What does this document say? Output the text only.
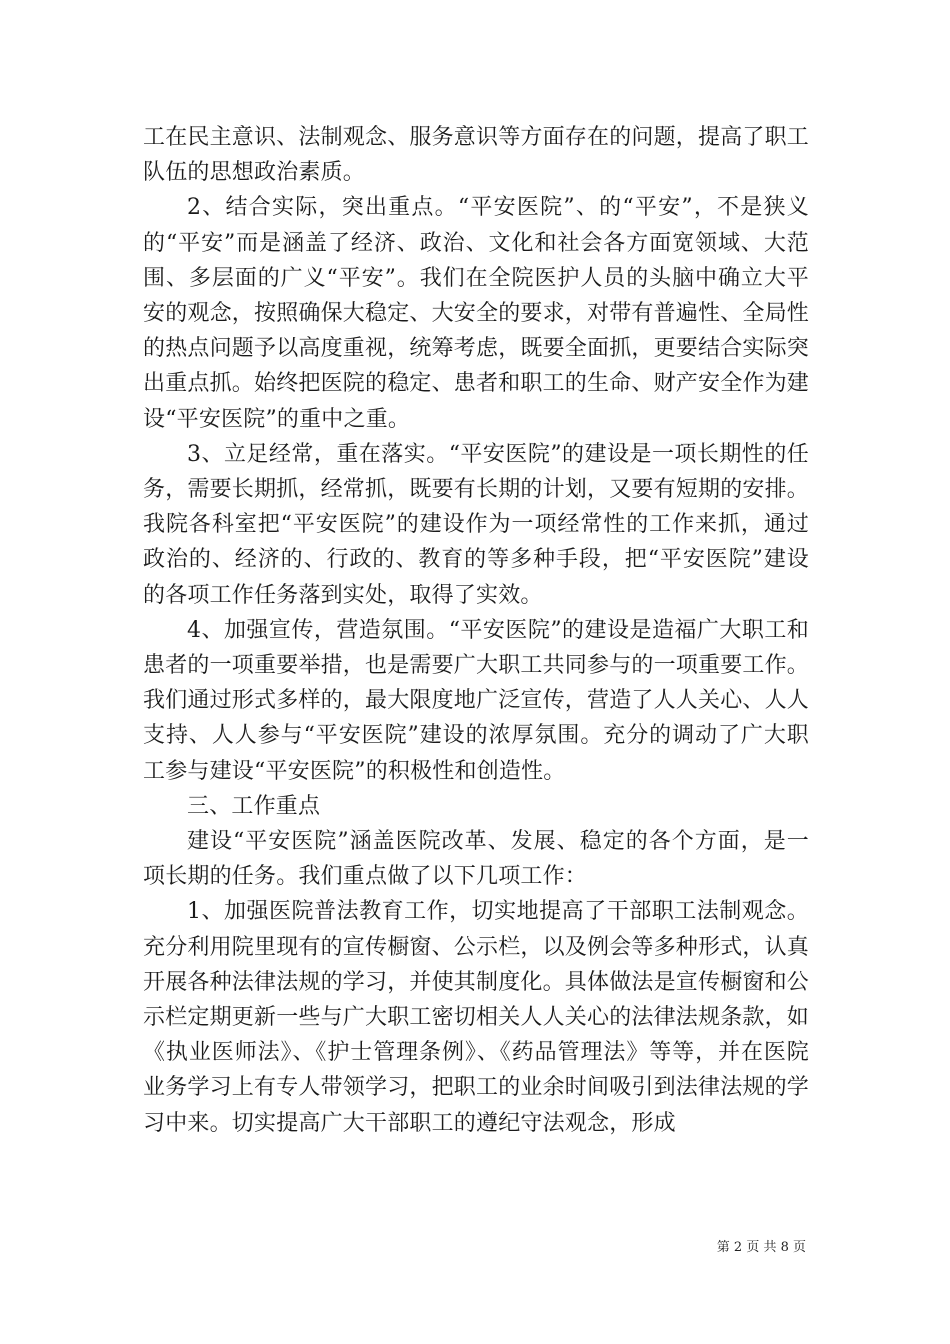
工在民主意识、法制观念、服务意识等方面存在的问题，提高了职工队伍的思想政治素质。

2、结合实际，突出重点。“平安医院”、的“平安”，不是狭义的“平安”而是涵盖了经济、政治、文化和社会各方面宽领域、大范围、多层面的广义“平安”。我们在全院医护人员的头脑中确立大平安的观念，按照确保大稳定、大安全的要求，对带有普遍性、全局性的热点问题予以高度重视，统筹考虑，既要全面抓，更要结合实际突出重点抓。始终把医院的稳定、患者和职工的生命、财产安全作为建设“平安医院”的重中之重。

3、立足经常，重在落实。“平安医院”的建设是一项长期性的任务，需要长期抓，经常抓，既要有长期的计划，又要有短期的安排。我院各科室把“平安医院”的建设作为一项经常性的工作来抓，通过政治的、经济的、行政的、教育的等多种手段，把“平安医院”建设的各项工作任务落到实处，取得了实效。

4、加强宣传，营造氛围。“平安医院”的建设是造福广大职工和患者的一项重要举措，也是需要广大职工共同参与的一项重要工作。我们通过形式多样的，最大限度地广泛宣传，营造了人人关心、人人支持、人人参与“平安医院”建设的浓厚氛围。充分的调动了广大职工参与建设“平安医院”的积极性和创造性。

三、工作重点

建设“平安医院”涵盖医院改革、发展、稳定的各个方面，是一项长期的任务。我们重点做了以下几项工作：

1、加强医院普法教育工作，切实地提高了干部职工法制观念。充分利用院里现有的宣传橱窗、公示栏，以及例会等多种形式，认真开展各种法律法规的学习，并使其制度化。具体做法是宣传橱窗和公示栏定期更新一些与广大职工密切相关人人关心的法律法规条款，如《执业医师法》、《护士管理条例》、《药品管理法》等等，并在医院业务学习上有专人带领学习，把职工的业余时间吸引到法律法规的学习中来。切实提高广大干部职工的遵纪守法观念，形成

第 2 页 共 8 页
